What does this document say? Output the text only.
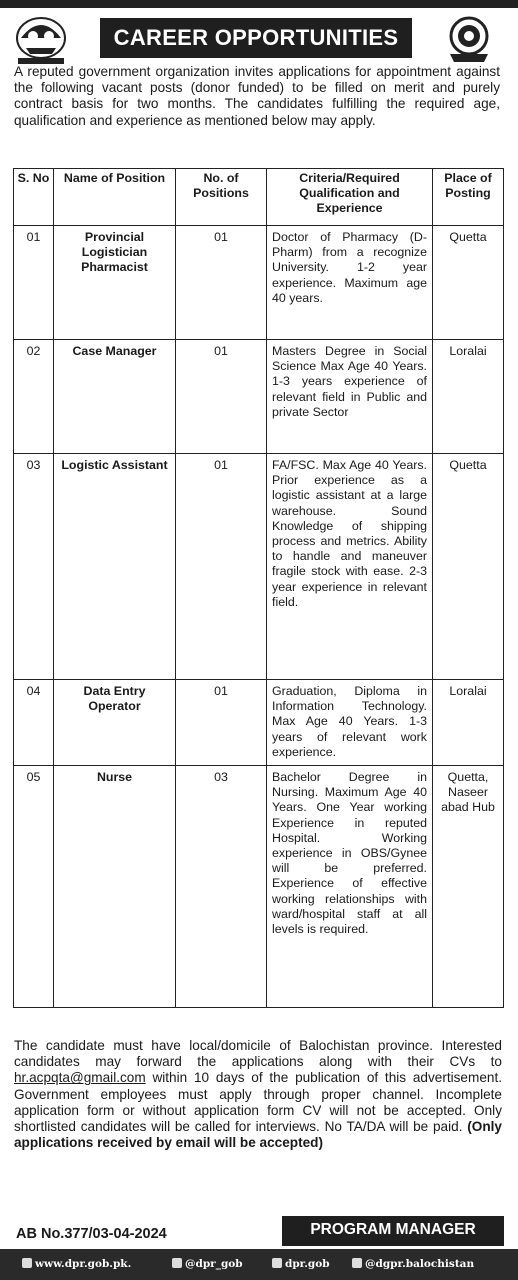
CAREER OPPORTUNITIES
A reputed government organization invites applications for appointment against the following vacant posts (donor funded) to be filled on merit and purely contract basis for two months. The candidates fulfilling the required age, qualification and experience as mentioned below may apply.
S. No	Name of Position	No. of Positions	Criteria/Required Qualification and Experience	Place of Posting
01	Provincial Logistician Pharmacist	01	Doctor of Pharmacy (D-Pharm) from a recognize University. 1-2 year experience. Maximum age 40 years.	Quetta
02	Case Manager	01	Masters Degree in Social Science Max Age 40 Years. 1-3 years experience of relevant field in Public and private Sector	Loralai
03	Logistic Assistant	01	FA/FSC. Max Age 40 Years. Prior experience as a logistic assistant at a large warehouse. Sound Knowledge of shipping process and metrics. Ability to handle and maneuver fragile stock with ease. 2-3 year experience in relevant field.	Quetta
04	Data Entry Operator	01	Graduation, Diploma in Information Technology. Max Age 40 Years. 1-3 years of relevant work experience.	Loralai
05	Nurse	03	Bachelor Degree in Nursing. Maximum Age 40 Years. One Year working Experience in reputed Hospital. Working experience in OBS/Gynee will be preferred. Experience of effective working relationships with ward/hospital staff at all levels is required.	Quetta, Naseer abad Hub
The candidate must have local/domicile of Balochistan province. Interested candidates may forward the applications along with their CVs to hr.acpqta@gmail.com within 10 days of the publication of this advertisement. Government employees must apply through proper channel. Incomplete application form or without application form CV will not be accepted. Only shortlisted candidates will be called for interviews. No TA/DA will be paid. (Only applications received by email will be accepted)
AB No.377/03-04-2024	PROGRAM MANAGER
www.dpr.gob.pk.	@dpr_gob	dpr.gob	@dgpr.balochistan
